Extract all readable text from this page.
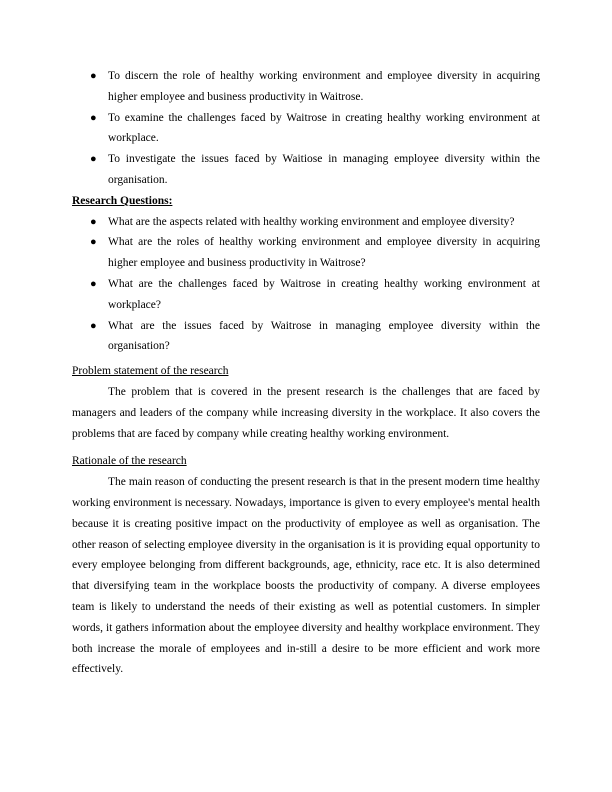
● To discern the role of healthy working environment and employee diversity in acquiring higher employee and business productivity in Waitrose.
● To examine the challenges faced by Waitrose in creating healthy working environment at workplace.
● To investigate the issues faced by Waitiose in managing employee diversity within the organisation.
Research Questions:
● What are the aspects related with healthy working environment and employee diversity?
● What are the roles of healthy working environment and employee diversity in acquiring higher employee and business productivity in Waitrose?
● What are the challenges faced by Waitrose in creating healthy working environment at workplace?
● What are the issues faced by Waitrose in managing employee diversity within the organisation?
Problem statement of the research

The problem that is covered in the present research is the challenges that are faced by managers and leaders of the company while increasing diversity in the workplace. It also covers the problems that are faced by company while creating healthy working environment.

Rationale of the research

The main reason of conducting the present research is that in the present modern time healthy working environment is necessary. Nowadays, importance is given to every employee's mental health because it is creating positive impact on the productivity of employee as well as organisation. The other reason of selecting employee diversity in the organisation is it is providing equal opportunity to every employee belonging from different backgrounds, age, ethnicity, race etc. It is also determined that diversifying team in the workplace boosts the productivity of company. A diverse employees team is likely to understand the needs of their existing as well as potential customers. In simpler words, it gathers information about the employee diversity and healthy workplace environment. They both increase the morale of employees and in-still a desire to be more efficient and work more effectively.
